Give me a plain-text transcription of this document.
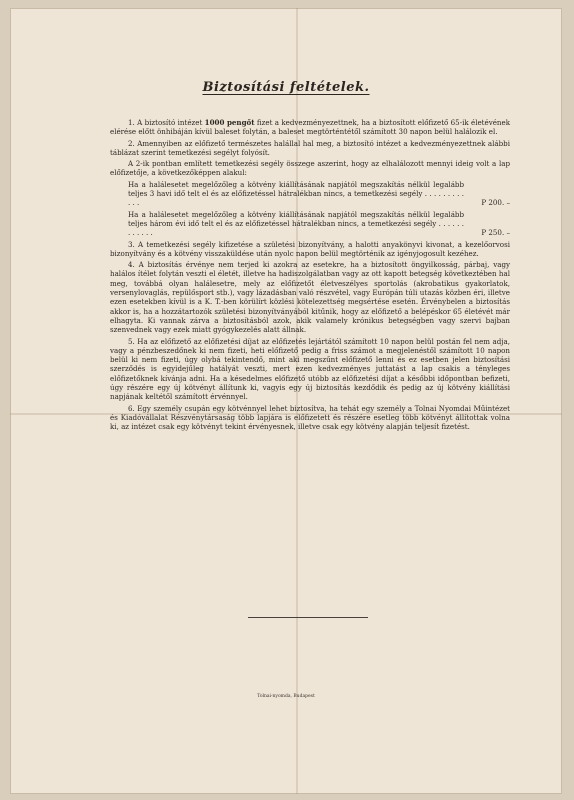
Biztosítási feltételek.

1. A biztosító intézet 1000 pengőt fizet a kedvezményezettnek, ha a biztosított előfizető 65-ik életévének elérése előtt önhibáján kívül baleset folytán, a baleset megtörténtétől számított 30 napon belül halálozik el.

2. Amennyiben az előfizető természetes halállal hal meg, a biztosító intézet a kedvezményezettnek alábbi táblázat szerint temetkezési segélyt folyósít.

A 2-ik pontban említett temetkezési segély összege aszerint, hogy az elhalálozott mennyi ideig volt a lap előfizetője, a következőképpen alakul:

Ha a halálesetet megelőzőleg a kötvény kiállításának napjától megszakítás nélkül legalább teljes 3 havi idő telt el és az előfizetéssel hátralékban nincs, a temetkezési segély . . . . . . . . . . . .	P 200. –
Ha a halálesetet megelőzőleg a kötvény kiállításának napjától megszakítás nélkül legalább teljes három évi idő telt el és az előfizetéssel hátralékban nincs, a temetkezési segély . . . . . . . . . . . .	P 250. –

3. A temetkezési segély kifizetése a születési bizonyítvány, a halotti anyakönyvi kivonat, a kezelőorvosi bizonyítvány és a kötvény visszaküldése után nyolc napon belül megtörténik az igényjogosult kezéhez.

4. A biztosítás érvénye nem terjed ki azokra az esetekre, ha a biztosított öngyilkosság, párbaj, vagy halálos ítélet folytán veszti el életét, illetve ha hadiszolgálatban vagy az ott kapott betegség következtében hal meg, továbbá olyan halálesetre, mely az előfizetőt életveszélyes sportolás (akrobatikus gyakorlatok, versenylovaglás, repülősport stb.), vagy lázadásban való részvétel, vagy Európán túli utazás közben éri, illetve ezen esetekben kívül is a K. T.-ben körülírt közlési kötelezettség megsértése esetén. Érvénybelen a biztosítás akkor is, ha a hozzátartozók születési bizonyítványából kitűnik, hogy az előfizető a belépéskor 65 életévét már elhagyta. Ki vannak zárva a biztosításból azok, akik valamely krónikus betegségben vagy szervi bajban szenvednek vagy ezek miatt gyógykezelés alatt állnak.

5. Ha az előfizető az előfizetési díjat az előfizetés lejártától számított 10 napon belül postán fel nem adja, vagy a pénzbeszedőnek ki nem fizeti, heti előfizető pedig a friss számot a megjelenéstől számított 10 napon belül ki nem fizeti, úgy olybá tekintendő, mint aki megszűnt előfizető lenni és ez esetben jelen biztosítási szerződés is egyidejűleg hatályát veszti, mert ezen kedvezményes juttatást a lap csakis a tényleges előfizetőknek kívánja adni. Ha a késedelmes előfizető utóbb az előfizetési díjat a későbbi időpontban befizeti, úgy részére egy új kötvényt állítunk ki, vagyis egy új biztosítás kezdődik és pedig az új kötvény kiállítási napjának keltétől számított érvénnyel.

6. Egy személy csupán egy kötvénnyel lehet biztosítva, ha tehát egy személy a Tolnai Nyomdai Műintézet és Kiadóvállalat Részvénytársaság több lapjára is előfizetett és részére esetleg több kötvényt állítottak volna ki, az intézet csak egy kötvényt tekint érvényesnek, illetve csak egy kötvény alapján teljesít fizetést.

Tolnai-nyomda, Budapest
